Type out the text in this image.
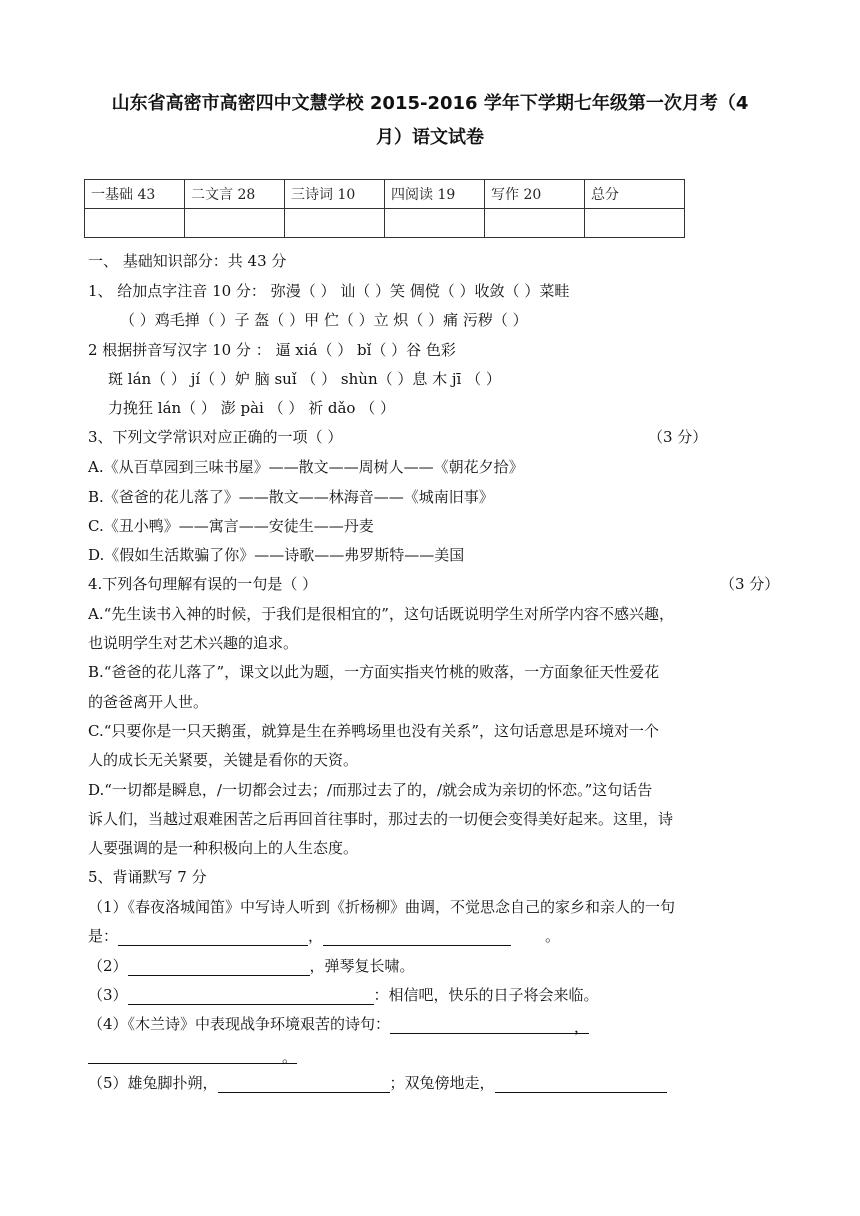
山东省高密市高密四中文慧学校 2015-2016 学年下学期七年级第一次月考（4
月）语文试卷
一基础 43	二文言 28	三诗词 10	四阅读 19	写作 20	总分

一、 基础知识部分：共 43 分
1、 给加点字注音 10 分： 弥漫（ ） 讪（ ）笑 倜傥（ ）收敛（ ）菜畦
（ ）鸡毛掸（ ）子 盔（ ）甲 伫（ ）立 炽（ ）痛 污秽（ ）
2 根据拼音写汉字 10 分 ： 逼 xiá（ ） bǐ（ ）谷 色彩
斑 lán（ ） jí（ ）妒 脑 suǐ （ ） shùn（ ）息 木 jī （ ）
力挽狂 lán（ ） 澎 pài （ ） 祈 dǎo （ ）
3、下列文学常识对应正确的一项（ ）	（3 分）
A.《从百草园到三味书屋》——散文——周树人——《朝花夕拾》
B.《爸爸的花儿落了》——散文——林海音——《城南旧事》
C.《丑小鸭》——寓言——安徒生——丹麦
D.《假如生活欺骗了你》——诗歌——弗罗斯特——美国
4.下列各句理解有误的一句是（ ）	（3 分）
A.“先生读书入神的时候，于我们是很相宜的”，这句话既说明学生对所学内容不感兴趣，
也说明学生对艺术兴趣的追求。
B.“爸爸的花儿落了”，课文以此为题，一方面实指夹竹桃的败落，一方面象征天性爱花
的爸爸离开人世。
C.“只要你是一只天鹅蛋，就算是生在养鸭场里也没有关系”，这句话意思是环境对一个
人的成长无关紧要，关键是看你的天资。
D.“一切都是瞬息，/一切都会过去；/而那过去了的，/就会成为亲切的怀恋。”这句话告
诉人们，当越过艰难困苦之后再回首往事时，那过去的一切便会变得美好起来。这里，诗
人要强调的是一种积极向上的人生态度。
5、背诵默写 7 分
（1）《春夜洛城闻笛》中写诗人听到《折杨柳》曲调，不觉思念自己的家乡和亲人的一句
是：	，	。
（2）	，弹琴复长啸。
（3）	：相信吧，快乐的日子将会来临。
（4）《木兰诗》中表现战争环境艰苦的诗句：	，
。
（5）雄兔脚扑朔，	；双兔傍地走，
